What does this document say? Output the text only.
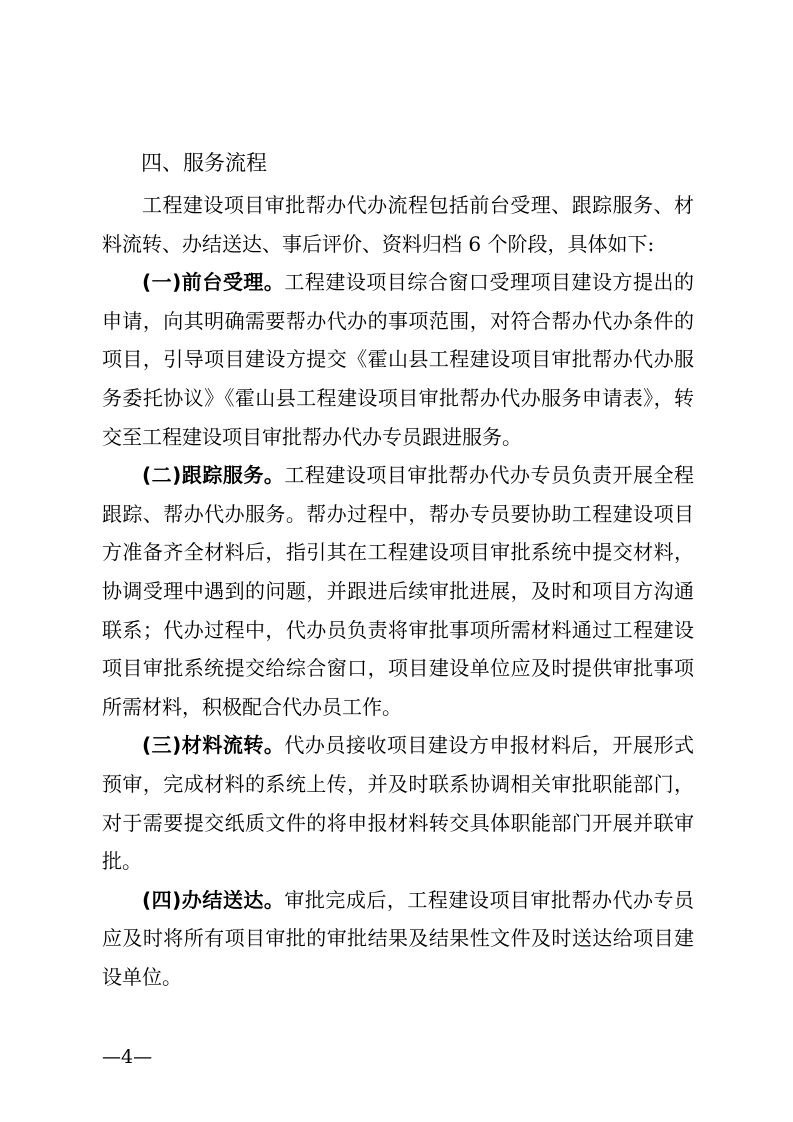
四、服务流程

工程建设项目审批帮办代办流程包括前台受理、跟踪服务、材料流转、办结送达、事后评价、资料归档 6 个阶段，具体如下:

(一)前台受理。工程建设项目综合窗口受理项目建设方提出的申请，向其明确需要帮办代办的事项范围，对符合帮办代办条件的项目，引导项目建设方提交《霍山县工程建设项目审批帮办代办服务委托协议》《霍山县工程建设项目审批帮办代办服务申请表》，转交至工程建设项目审批帮办代办专员跟进服务。

(二)跟踪服务。工程建设项目审批帮办代办专员负责开展全程跟踪、帮办代办服务。帮办过程中，帮办专员要协助工程建设项目方准备齐全材料后，指引其在工程建设项目审批系统中提交材料，协调受理中遇到的问题，并跟进后续审批进展，及时和项目方沟通联系；代办过程中，代办员负责将审批事项所需材料通过工程建设项目审批系统提交给综合窗口，项目建设单位应及时提供审批事项所需材料，积极配合代办员工作。

(三)材料流转。代办员接收项目建设方申报材料后，开展形式预审，完成材料的系统上传，并及时联系协调相关审批职能部门，对于需要提交纸质文件的将申报材料转交具体职能部门开展并联审批。

(四)办结送达。审批完成后，工程建设项目审批帮办代办专员应及时将所有项目审批的审批结果及结果性文件及时送达给项目建设单位。

—4—
